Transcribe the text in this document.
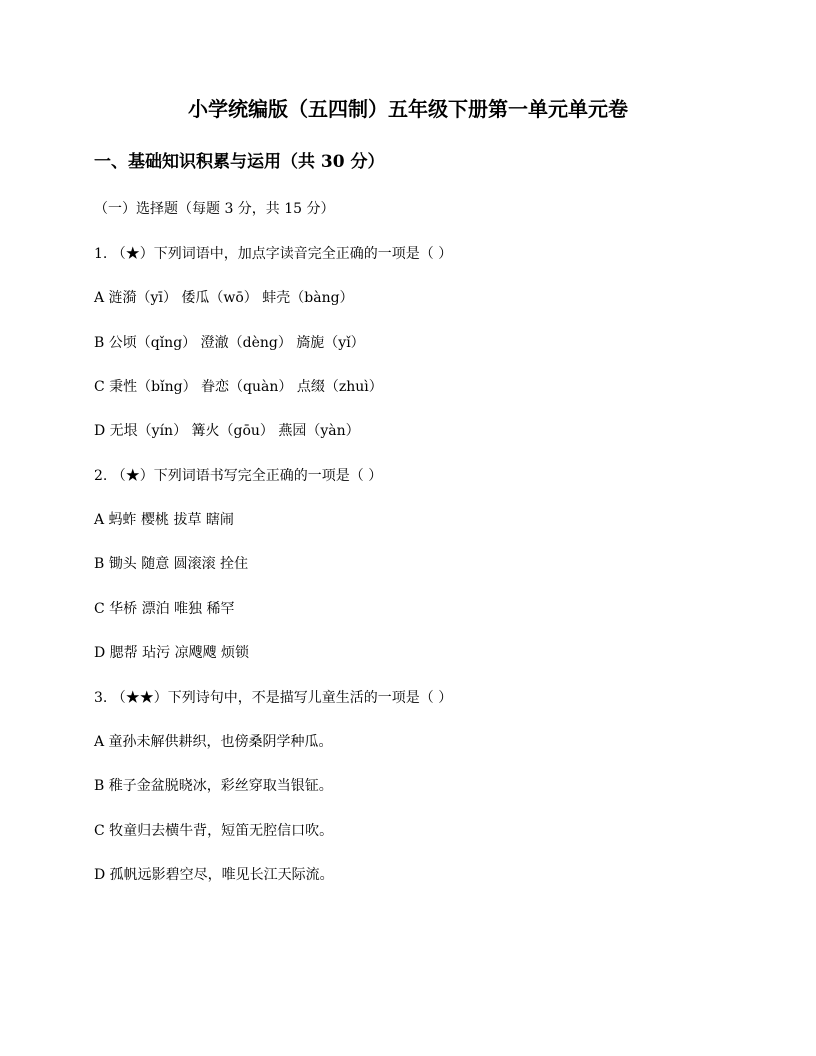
小学统编版（五四制）五年级下册第一单元单元卷
一、基础知识积累与运用（共 30 分）
（一）选择题（每题 3 分，共 15 分）
1. （★）下列词语中，加点字读音完全正确的一项是（ ）
A 涟漪（yī） 倭瓜（wō） 蚌壳（bàng）
B 公顷（qǐng） 澄澈（dèng） 旖旎（yǐ）
C 秉性（bǐng） 眷恋（quàn） 点缀（zhuì）
D 无垠（yín） 篝火（gōu） 燕园（yàn）
2. （★）下列词语书写完全正确的一项是（ ）
A 蚂蚱 樱桃 拔草 瞎闹
B 锄头 随意 圆滚滚 拴住
C 华桥 漂泊 唯独 稀罕
D 腮帮 玷污 凉飕飕 烦锁
3. （★★）下列诗句中，不是描写儿童生活的一项是（ ）
A 童孙未解供耕织，也傍桑阴学种瓜。
B 稚子金盆脱晓冰，彩丝穿取当银钲。
C 牧童归去横牛背，短笛无腔信口吹。
D 孤帆远影碧空尽，唯见长江天际流。
